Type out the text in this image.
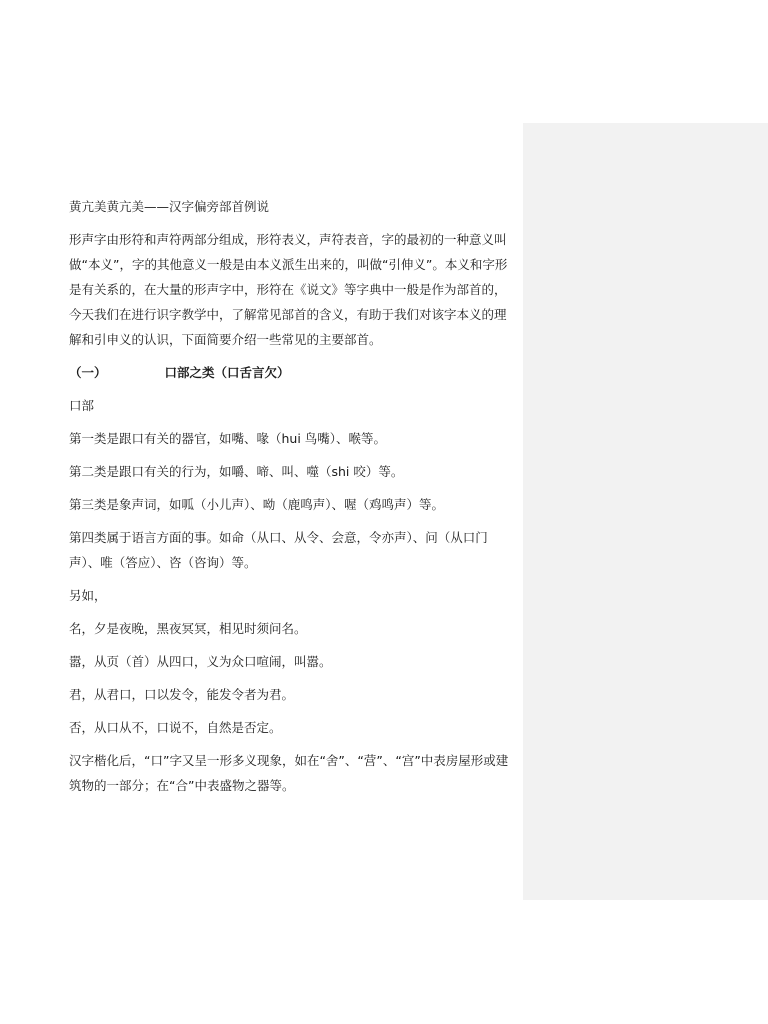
黄亢美黄亢美——汉字偏旁部首例说

形声字由形符和声符两部分组成，形符表义，声符表音，字的最初的一种意义叫做“本义”，字的其他意义一般是由本义派生出来的，叫做“引伸义”。本义和字形是有关系的，在大量的形声字中，形符在《说文》等字典中一般是作为部首的，今天我们在进行识字教学中，了解常见部首的含义，有助于我们对该字本义的理解和引申义的认识，下面简要介绍一些常见的主要部首。

（一）	口部之类（口舌言欠）

口部

第一类是跟口有关的器官，如嘴、喙（hui 鸟嘴）、喉等。

第二类是跟口有关的行为，如嚼、啼、叫、噬（shi 咬）等。

第三类是象声词，如呱（小儿声）、呦（鹿鸣声）、喔（鸡鸣声）等。

第四类属于语言方面的事。如命（从口、从令、会意，令亦声）、问（从口门声）、唯（答应）、咨（咨询）等。

另如，

名，夕是夜晚，黑夜冥冥，相见时须问名。

嚣，从页（首）从四口，义为众口喧闹，叫嚣。

君，从君口，口以发令，能发令者为君。

否，从口从不，口说不，自然是否定。

汉字楷化后，“口”字又呈一形多义现象，如在“舍”、“营”、“宫”中表房屋形或建筑物的一部分；在“合”中表盛物之器等。
